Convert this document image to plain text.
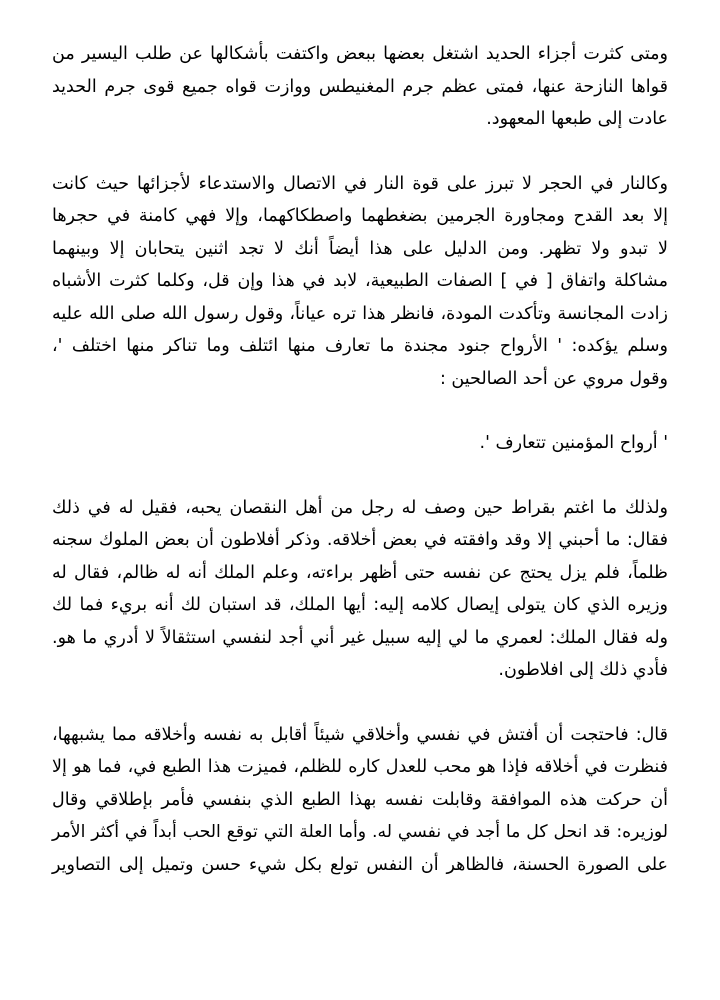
ومتى كثرت أجزاء الحديد اشتغل بعضها ببعض واكتفت بأشكالها عن طلب اليسير من
قواها النازحة عنها، فمتى عظم جرم المغنيطس ووازت قواه جميع قوى جرم الحديد
عادت إلى طبعها المعهود.

وكالنار في الحجر لا تبرز على قوة النار في الاتصال والاستدعاء لأجزائها حيث كانت
إلا بعد القدح ومجاورة الجرمين بضغطهما واصطكاكهما، وإلا فهي كامنة في حجرها
لا تبدو ولا تظهر. ومن الدليل على هذا أيضاً أنك لا تجد اثنين يتحابان إلا وبينهما
مشاكلة واتفاق [ في ] الصفات الطبيعية، لابد في هذا وإن قل، وكلما كثرت الأشباه
زادت المجانسة وتأكدت المودة، فانظر هذا تره عياناً، وقول رسول الله صلى الله عليه
وسلم يؤكده: ' الأرواح جنود مجندة ما تعارف منها ائتلف وما تناكر منها اختلف '،
وقول مروي عن أحد الصالحين :

' أرواح المؤمنين تتعارف '.

ولذلك ما اغتم بقراط حين وصف له رجل من أهل النقصان يحبه، فقيل له في ذلك
فقال: ما أحبني إلا وقد وافقته في بعض أخلاقه. وذكر أفلاطون أن بعض الملوك سجنه
ظلماً، فلم يزل يحتج عن نفسه حتى أظهر براءته، وعلم الملك أنه له ظالم، فقال له
وزيره الذي كان يتولى إيصال كلامه إليه: أيها الملك، قد استبان لك أنه بريء فما لك
وله فقال الملك: لعمري ما لي إليه سبيل غير أني أجد لنفسي استثقالاً لا أدري ما هو.
فأدي ذلك إلى افلاطون.

قال: فاحتجت أن أفتش في نفسي وأخلاقي شيئاً أقابل به نفسه وأخلاقه مما يشبهها،
فنظرت في أخلاقه فإذا هو محب للعدل كاره للظلم، فميزت هذا الطبع في، فما هو إلا
أن حركت هذه الموافقة وقابلت نفسه بهذا الطبع الذي بنفسي فأمر بإطلاقي وقال
لوزيره: قد انحل كل ما أجد في نفسي له. وأما العلة التي توقع الحب أبداً في أكثر الأمر
على الصورة الحسنة، فالظاهر أن النفس تولع بكل شيء حسن وتميل إلى التصاوير
